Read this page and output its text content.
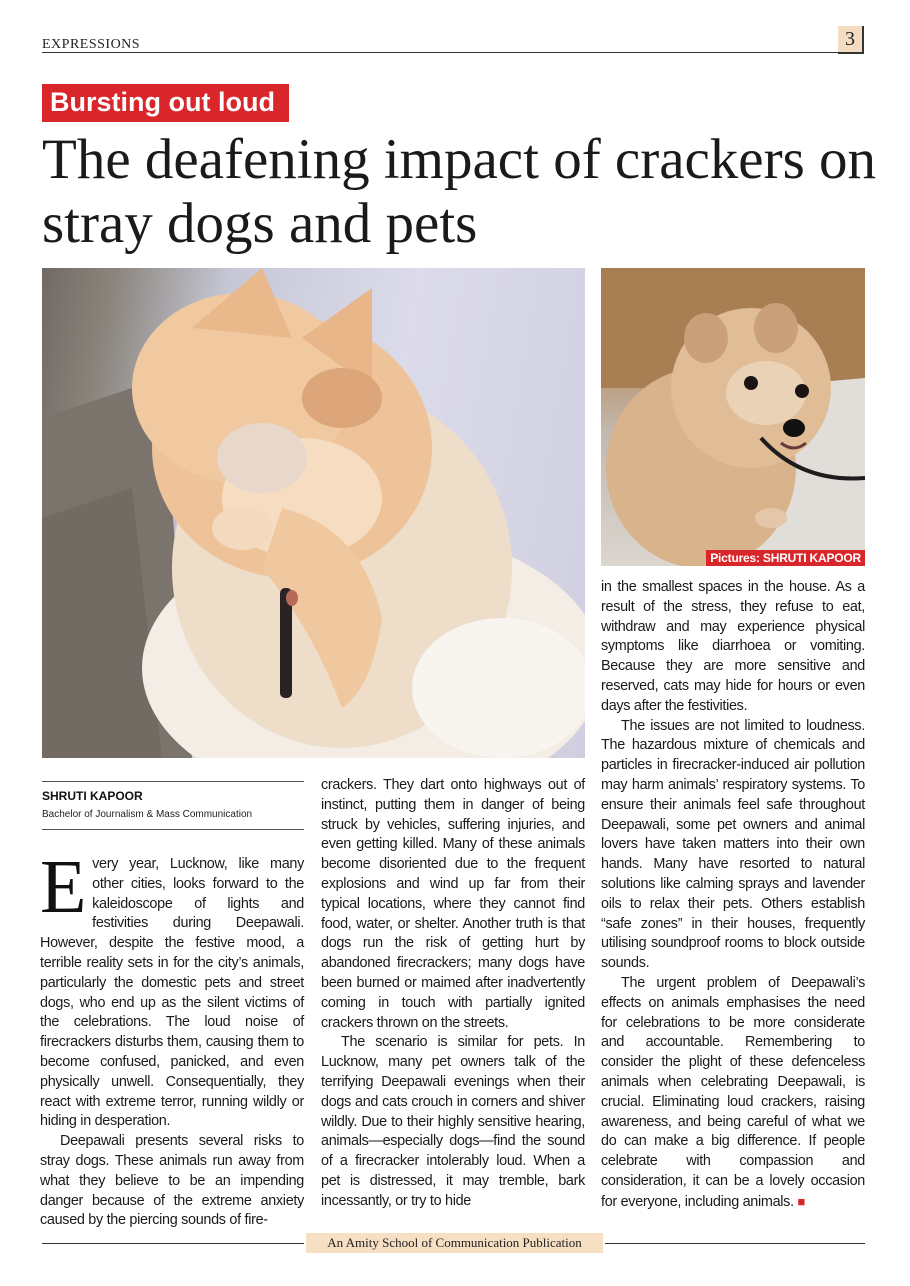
EXPRESSIONS	3
Bursting out loud
The deafening impact of crackers on stray dogs and pets
Pictures: SHRUTI KAPOOR
SHRUTI KAPOOR
Bachelor of Journalism & Mass Communication

Every year, Lucknow, like many other cities, looks forward to the kaleidoscope of lights and festivities during Deepawali. However, despite the festive mood, a terrible reality sets in for the city’s animals, particularly the domestic pets and street dogs, who end up as the silent victims of the celebrations. The loud noise of firecrackers disturbs them, causing them to become confused, panicked, and even physically unwell. Consequentially, they react with extreme terror, running wildly or hiding in desperation.

Deepawali presents several risks to stray dogs. These animals run away from what they believe to be an impending danger because of the extreme anxiety caused by the piercing sounds of fire-

crackers. They dart onto highways out of instinct, putting them in danger of being struck by vehicles, suffering injuries, and even getting killed. Many of these animals become disoriented due to the frequent explosions and wind up far from their typical locations, where they cannot find food, water, or shelter. Another truth is that dogs run the risk of getting hurt by abandoned firecrackers; many dogs have been burned or maimed after inadvertently coming in touch with partially ignited crackers thrown on the streets.

The scenario is similar for pets. In Lucknow, many pet owners talk of the terrifying Deepawali evenings when their dogs and cats crouch in corners and shiver wildly. Due to their highly sensitive hearing, animals—especially dogs—find the sound of a firecracker intolerably loud. When a pet is distressed, it may tremble, bark incessantly, or try to hide

in the smallest spaces in the house. As a result of the stress, they refuse to eat, withdraw and may experience physical symptoms like diarrhoea or vomiting. Because they are more sensitive and reserved, cats may hide for hours or even days after the festivities.

The issues are not limited to loudness. The hazardous mixture of chemicals and particles in firecracker-induced air pollution may harm animals’ respiratory systems. To ensure their animals feel safe throughout Deepawali, some pet owners and animal lovers have taken matters into their own hands. Many have resorted to natural solutions like calming sprays and lavender oils to relax their pets. Others establish “safe zones” in their houses, frequently utilising soundproof rooms to block outside sounds.

The urgent problem of Deepawali’s effects on animals emphasises the need for celebrations to be more considerate and accountable. Remembering to consider the plight of these defenceless animals when celebrating Deepawali, is crucial. Eliminating loud crackers, raising awareness, and being careful of what we do can make a big difference. If people celebrate with compassion and consideration, it can be a lovely occasion for everyone, including animals. ■

An Amity School of Communication Publication
